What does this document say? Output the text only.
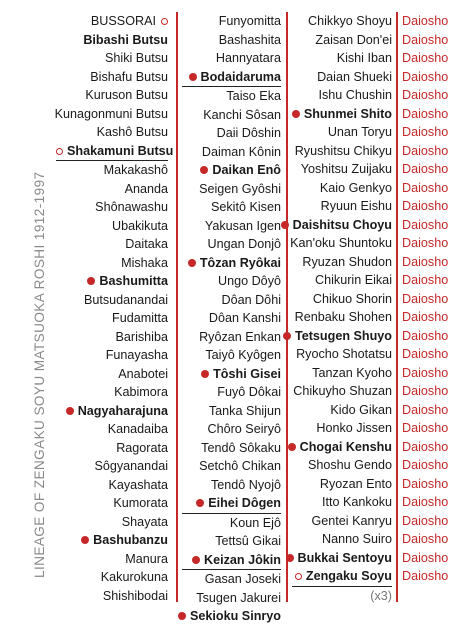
LINEAGE OF ZENGAKU SOYU MATSUOKA ROSHI 1912-1997
BUSSORAI
Bibashi Butsu
Shiki Butsu
Bishafu Butsu
Kuruson Butsu
Kunagonmuni Butsu
Kashô Butsu
Shakamuni Butsu
Makakashô
Ananda
Shônawashu
Ubakikuta
Daitaka
Mishaka
Bashumitta
Butsudanandai
Fudamitta
Barishiba
Funayasha
Anabotei
Kabimora
Nagyaharajuna
Kanadaiba
Ragorata
Sôgyanandai
Kayashata
Kumorata
Shayata
Bashubanzu
Manura
Kakurokuna
Shishibodai
Funyomitta
Bashashita
Hannyatara
Bodaidaruma
Taiso Eka
Kanchi Sôsan
Daii Dôshin
Daiman Kônin
Daikan Enô
Seigen Gyôshi
Sekitô Kisen
Yakusan Igen
Ungan Donjô
Tôzan Ryôkai
Ungo Dôyô
Dôan Dôhi
Dôan Kanshi
Ryôzan Enkan
Taiyô Kyôgen
Tôshi Gisei
Fuyô Dôkai
Tanka Shijun
Chôro Seiryô
Tendô Sôkaku
Setchô Chikan
Tendô Nyojô
Eihei Dôgen
Koun Ejô
Tettsû Gikai
Keizan Jôkin
Gasan Joseki
Tsugen Jakurei
Sekioku Sinryo
Chikkyo Shoyu
Zaisan Don'ei
Kishi Iban
Daian Shueki
Ishu Chushin
Shunmei Shito
Unan Toryu
Ryushitsu Chikyu
Yoshitsu Zuijaku
Kaio Genkyo
Ryuun Eishu
Daishitsu Choyu
Kan'oku Shuntoku
Ryuzan Shudon
Chikurin Eikai
Chikuo Shorin
Renbaku Shohen
Tetsugen Shuyo
Ryocho Shotatsu
Tanzan Kyoho
Chikuyho Shuzan
Kido Gikan
Honko Jissen
Chogai Kenshu
Shoshu Gendo
Ryozan Ento
Itto Kankoku
Gentei Kanryu
Nanno Suiro
Bukkai Sentoyu
Zengaku Soyu
(x3)
Daiosho
Daiosho
Daiosho
Daiosho
Daiosho
Daiosho
Daiosho
Daiosho
Daiosho
Daiosho
Daiosho
Daiosho
Daiosho
Daiosho
Daiosho
Daiosho
Daiosho
Daiosho
Daiosho
Daiosho
Daiosho
Daiosho
Daiosho
Daiosho
Daiosho
Daiosho
Daiosho
Daiosho
Daiosho
Daiosho
Daiosho
